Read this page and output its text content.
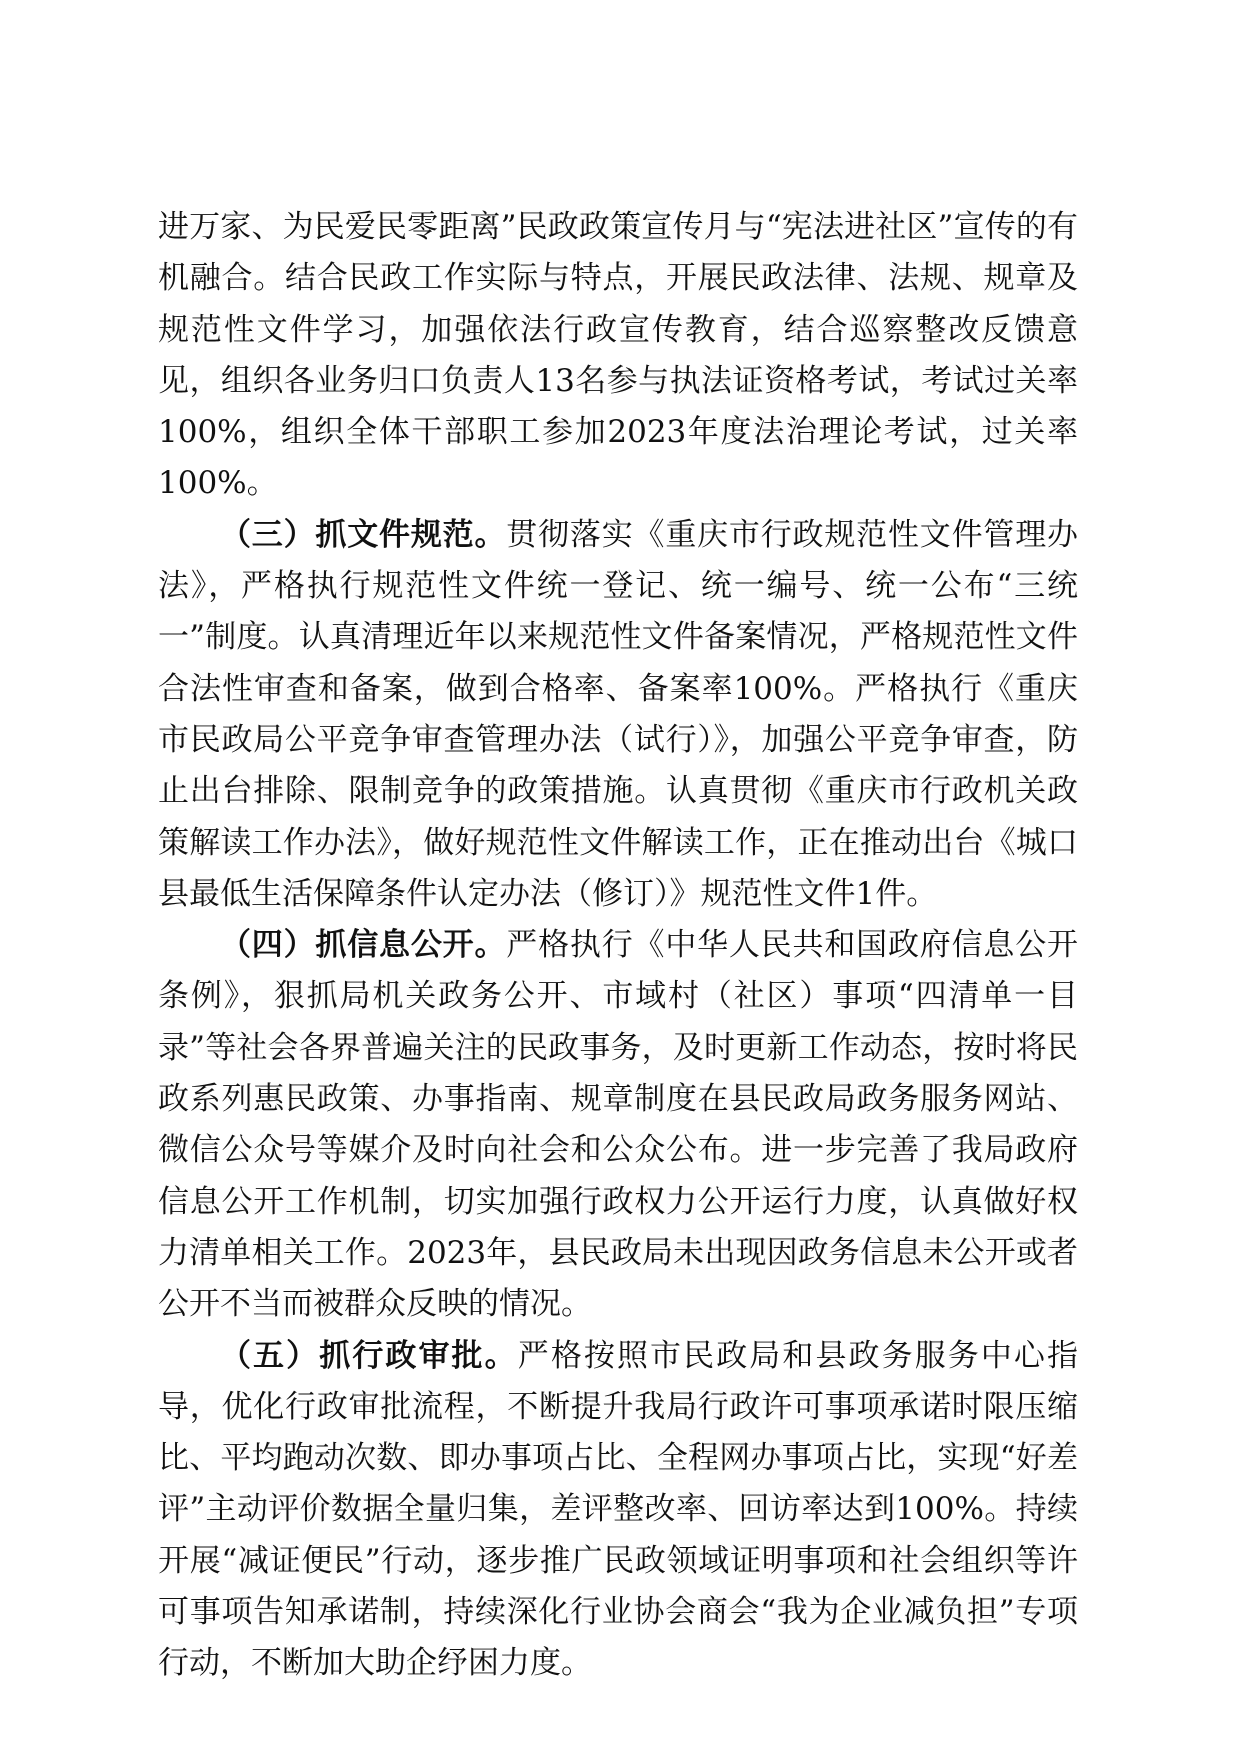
进万家、为民爱民零距离”民政政策宣传月与“宪法进社区”宣传的有机融合。结合民政工作实际与特点，开展民政法律、法规、规章及规范性文件学习，加强依法行政宣传教育，结合巡察整改反馈意见，组织各业务归口负责人13名参与执法证资格考试，考试过关率100%，组织全体干部职工参加2023年度法治理论考试，过关率100%。

（三）抓文件规范。贯彻落实《重庆市行政规范性文件管理办法》，严格执行规范性文件统一登记、统一编号、统一公布“三统一”制度。认真清理近年以来规范性文件备案情况，严格规范性文件合法性审查和备案，做到合格率、备案率100%。严格执行《重庆市民政局公平竞争审查管理办法（试行）》，加强公平竞争审查，防止出台排除、限制竞争的政策措施。认真贯彻《重庆市行政机关政策解读工作办法》，做好规范性文件解读工作，正在推动出台《城口县最低生活保障条件认定办法（修订）》规范性文件1件。

（四）抓信息公开。严格执行《中华人民共和国政府信息公开条例》，狠抓局机关政务公开、市域村（社区）事项“四清单一目录”等社会各界普遍关注的民政事务，及时更新工作动态，按时将民政系列惠民政策、办事指南、规章制度在县民政局政务服务网站、微信公众号等媒介及时向社会和公众公布。进一步完善了我局政府信息公开工作机制，切实加强行政权力公开运行力度，认真做好权力清单相关工作。2023年，县民政局未出现因政务信息未公开或者公开不当而被群众反映的情况。

（五）抓行政审批。严格按照市民政局和县政务服务中心指导，优化行政审批流程，不断提升我局行政许可事项承诺时限压缩比、平均跑动次数、即办事项占比、全程网办事项占比，实现“好差评”主动评价数据全量归集，差评整改率、回访率达到100%。持续开展“减证便民”行动，逐步推广民政领域证明事项和社会组织等许可事项告知承诺制，持续深化行业协会商会“我为企业减负担”专项行动，不断加大助企纾困力度。
